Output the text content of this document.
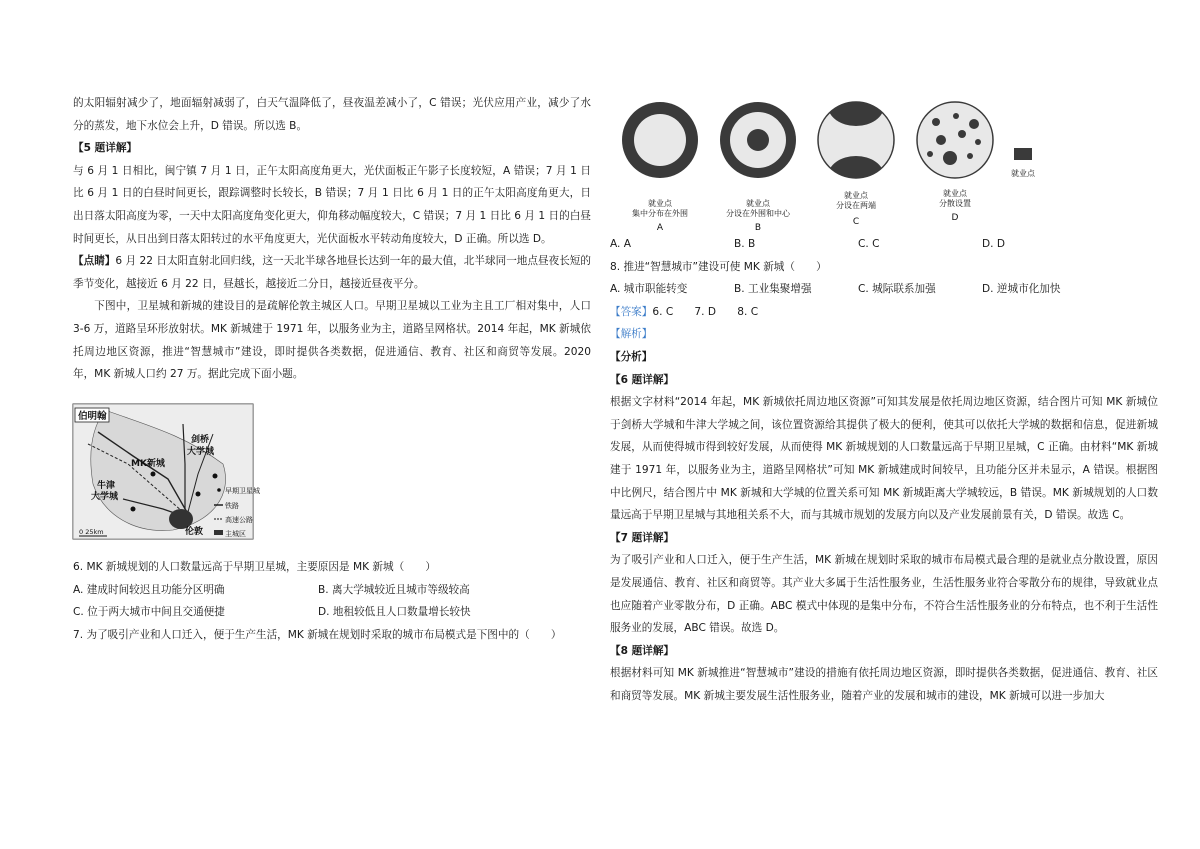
的太阳辐射减少了，地面辐射减弱了，白天气温降低了，昼夜温差减小了，C 错误；光伏应用产业，减少了水分的蒸发，地下水位会上升，D 错误。所以选 B。

【5 题详解】

与 6 月 1 日相比，闽宁镇 7 月 1 日，正午太阳高度角更大，光伏面板正午影子长度较短，A 错误；7 月 1 日比 6 月 1 日的白昼时间更长，跟踪调整时长较长，B 错误；7 月 1 日比 6 月 1 日的正午太阳高度角更大，日出日落太阳高度为零，一天中太阳高度角变化更大，仰角移动幅度较大，C 错误；7 月 1 日比 6 月 1 日的白昼时间更长，从日出到日落太阳转过的水平角度更大，光伏面板水平转动角度较大，D 正确。所以选 D。

【点睛】6 月 22 日太阳直射北回归线，这一天北半球各地昼长达到一年的最大值，北半球同一地点昼夜长短的季节变化，越接近 6 月 22 日，昼越长，越接近二分日，越接近昼夜平分。

下图中，卫星城和新城的建设目的是疏解伦敦主城区人口。早期卫星城以工业为主且工厂相对集中，人口 3-6 万，道路呈环形放射状。MK 新城建于 1971 年，以服务业为主，道路呈网格状。2014 年起，MK 新城依托周边地区资源，推进“智慧城市”建设，即时提供各类数据，促进通信、教育、社区和商贸等发展。2020 年，MK 新城人口约 27 万。据此完成下面小题。

伯明翰
剑桥
大学城
MK新城
牛津
大学城
伦敦
0 25km
早期卫星城
铁路
高速公路
主城区

6. MK 新城规划的人口数量远高于早期卫星城，主要原因是 MK 新城（　　）

A. 建成时间较迟且功能分区明确	B. 离大学城较近且城市等级较高
C. 位于两大城市中间且交通便捷	D. 地租较低且人口数量增长较快

7. 为了吸引产业和人口迁入，便于生产生活，MK 新城在规划时采取的城市布局模式是下图中的（　　）

就业点
集中分布在外围
A
就业点
分设在外围和中心
B
就业点
分设在两端
就业点
分散设置
D
C
就业点
A. A	B. B	C. C	D. D

8. 推进“智慧城市”建设可使 MK 新城（　　）

A. 城市职能转变	B. 工业集聚增强	C. 城际联系加强	D. 逆城市化加快

【答案】6. C　　7. D　　8. C

【解析】

【分析】

【6 题详解】

根据文字材料“2014 年起，MK 新城依托周边地区资源”可知其发展是依托周边地区资源，结合图片可知 MK 新城位于剑桥大学城和牛津大学城之间，该位置资源给其提供了极大的便利，使其可以依托大学城的数据和信息，促进新城发展，从而使得城市得到较好发展，从而使得 MK 新城规划的人口数量远高于早期卫星城，C 正确。由材料“MK 新城建于 1971 年，以服务业为主，道路呈网格状”可知 MK 新城建成时间较早，且功能分区并未显示，A 错误。根据图中比例尺，结合图片中 MK 新城和大学城的位置关系可知 MK 新城距离大学城较远，B 错误。MK 新城规划的人口数量远高于早期卫星城与其地租关系不大，而与其城市规划的发展方向以及产业发展前景有关，D 错误。故选 C。

【7 题详解】

为了吸引产业和人口迁入，便于生产生活，MK 新城在规划时采取的城市布局模式最合理的是就业点分散设置，原因是发展通信、教育、社区和商贸等。其产业大多属于生活性服务业，生活性服务业符合零散分布的规律，导致就业点也应随着产业零散分布，D 正确。ABC 模式中体现的是集中分布，不符合生活性服务业的分布特点，也不利于生活性服务业的发展，ABC 错误。故选 D。

【8 题详解】

根据材料可知 MK 新城推进“智慧城市”建设的措施有依托周边地区资源，即时提供各类数据，促进通信、教育、社区和商贸等发展。MK 新城主要发展生活性服务业，随着产业的发展和城市的建设，MK 新城可以进一步加大
